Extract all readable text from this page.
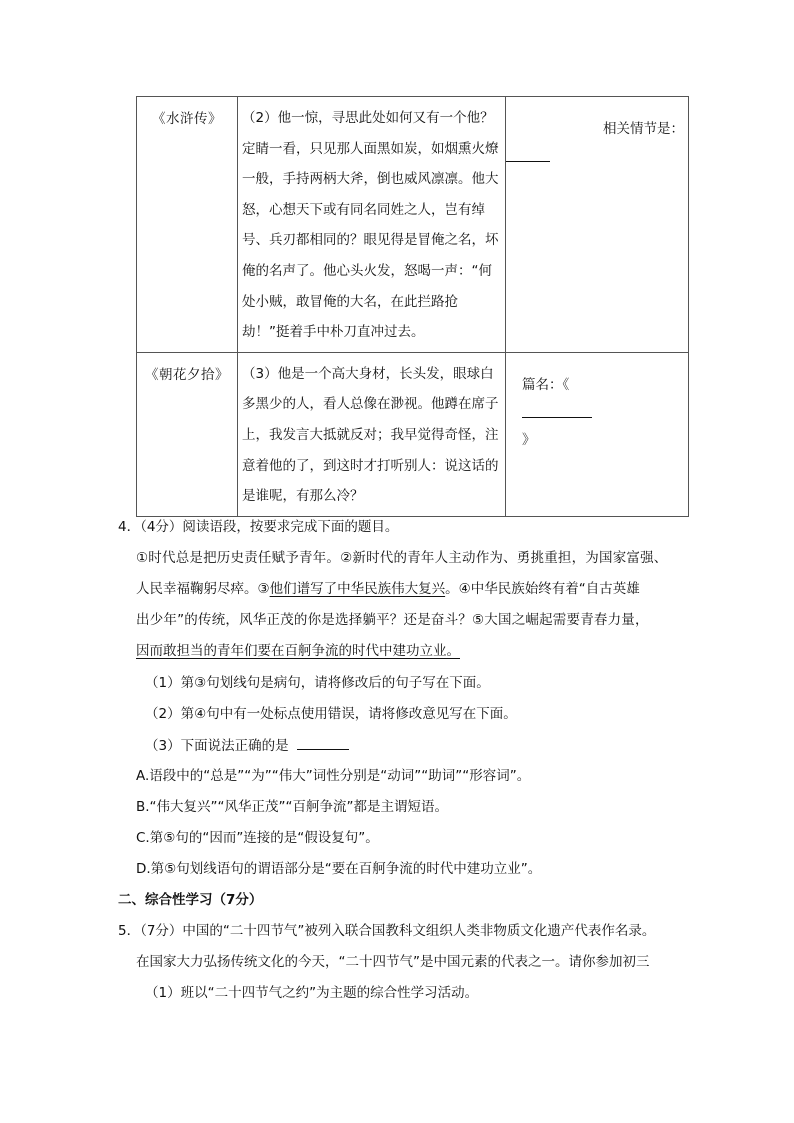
《水浒传》	（2）他一惊，寻思此处如何又有一个他？定睛一看，只见那人面黑如炭，如烟熏火燎一般，手持两柄大斧，倒也威风凛凛。他大怒，心想天下或有同名同姓之人，岂有绰号、兵刃都相同的？眼见得是冒俺之名，坏俺的名声了。他心头火发，怒喝一声：“何处小贼，敢冒俺的大名，在此拦路抢劫！”挺着手中朴刀直冲过去。	相关情节是：

《朝花夕拾》	（3）他是一个高大身材，长头发，眼球白多黑少的人，看人总像在渺视。他蹲在席子上，我发言大抵就反对；我早觉得奇怪，注意着他的了，到这时才打听别人：说这话的是谁呢，有那么冷？	篇名：《
》
4．（4分）阅读语段，按要求完成下面的题目。
①时代总是把历史责任赋予青年。②新时代的青年人主动作为、勇挑重担，为国家富强、
人民幸福鞠躬尽瘁。③他们谱写了中华民族伟大复兴。④中华民族始终有着“自古英雄
出少年”的传统，风华正茂的你是选择躺平？还是奋斗？⑤大国之崛起需要青春力量，
因而敢担当的青年们要在百舸争流的时代中建功立业。
（1）第③句划线句是病句，请将修改后的句子写在下面。
（2）第④句中有一处标点使用错误，请将修改意见写在下面。
（3）下面说法正确的是
A.语段中的“总是”“为”“伟大”词性分别是“动词”“助词”“形容词”。
B.“伟大复兴”“风华正茂”“百舸争流”都是主谓短语。
C.第⑤句的“因而”连接的是“假设复句”。
D.第⑤句划线语句的谓语部分是“要在百舸争流的时代中建功立业”。
二、综合性学习（7分）
5．（7分）中国的“二十四节气”被列入联合国教科文组织人类非物质文化遗产代表作名录。
在国家大力弘扬传统文化的今天，“二十四节气”是中国元素的代表之一。请你参加初三
（1）班以“二十四节气之约”为主题的综合性学习活动。
